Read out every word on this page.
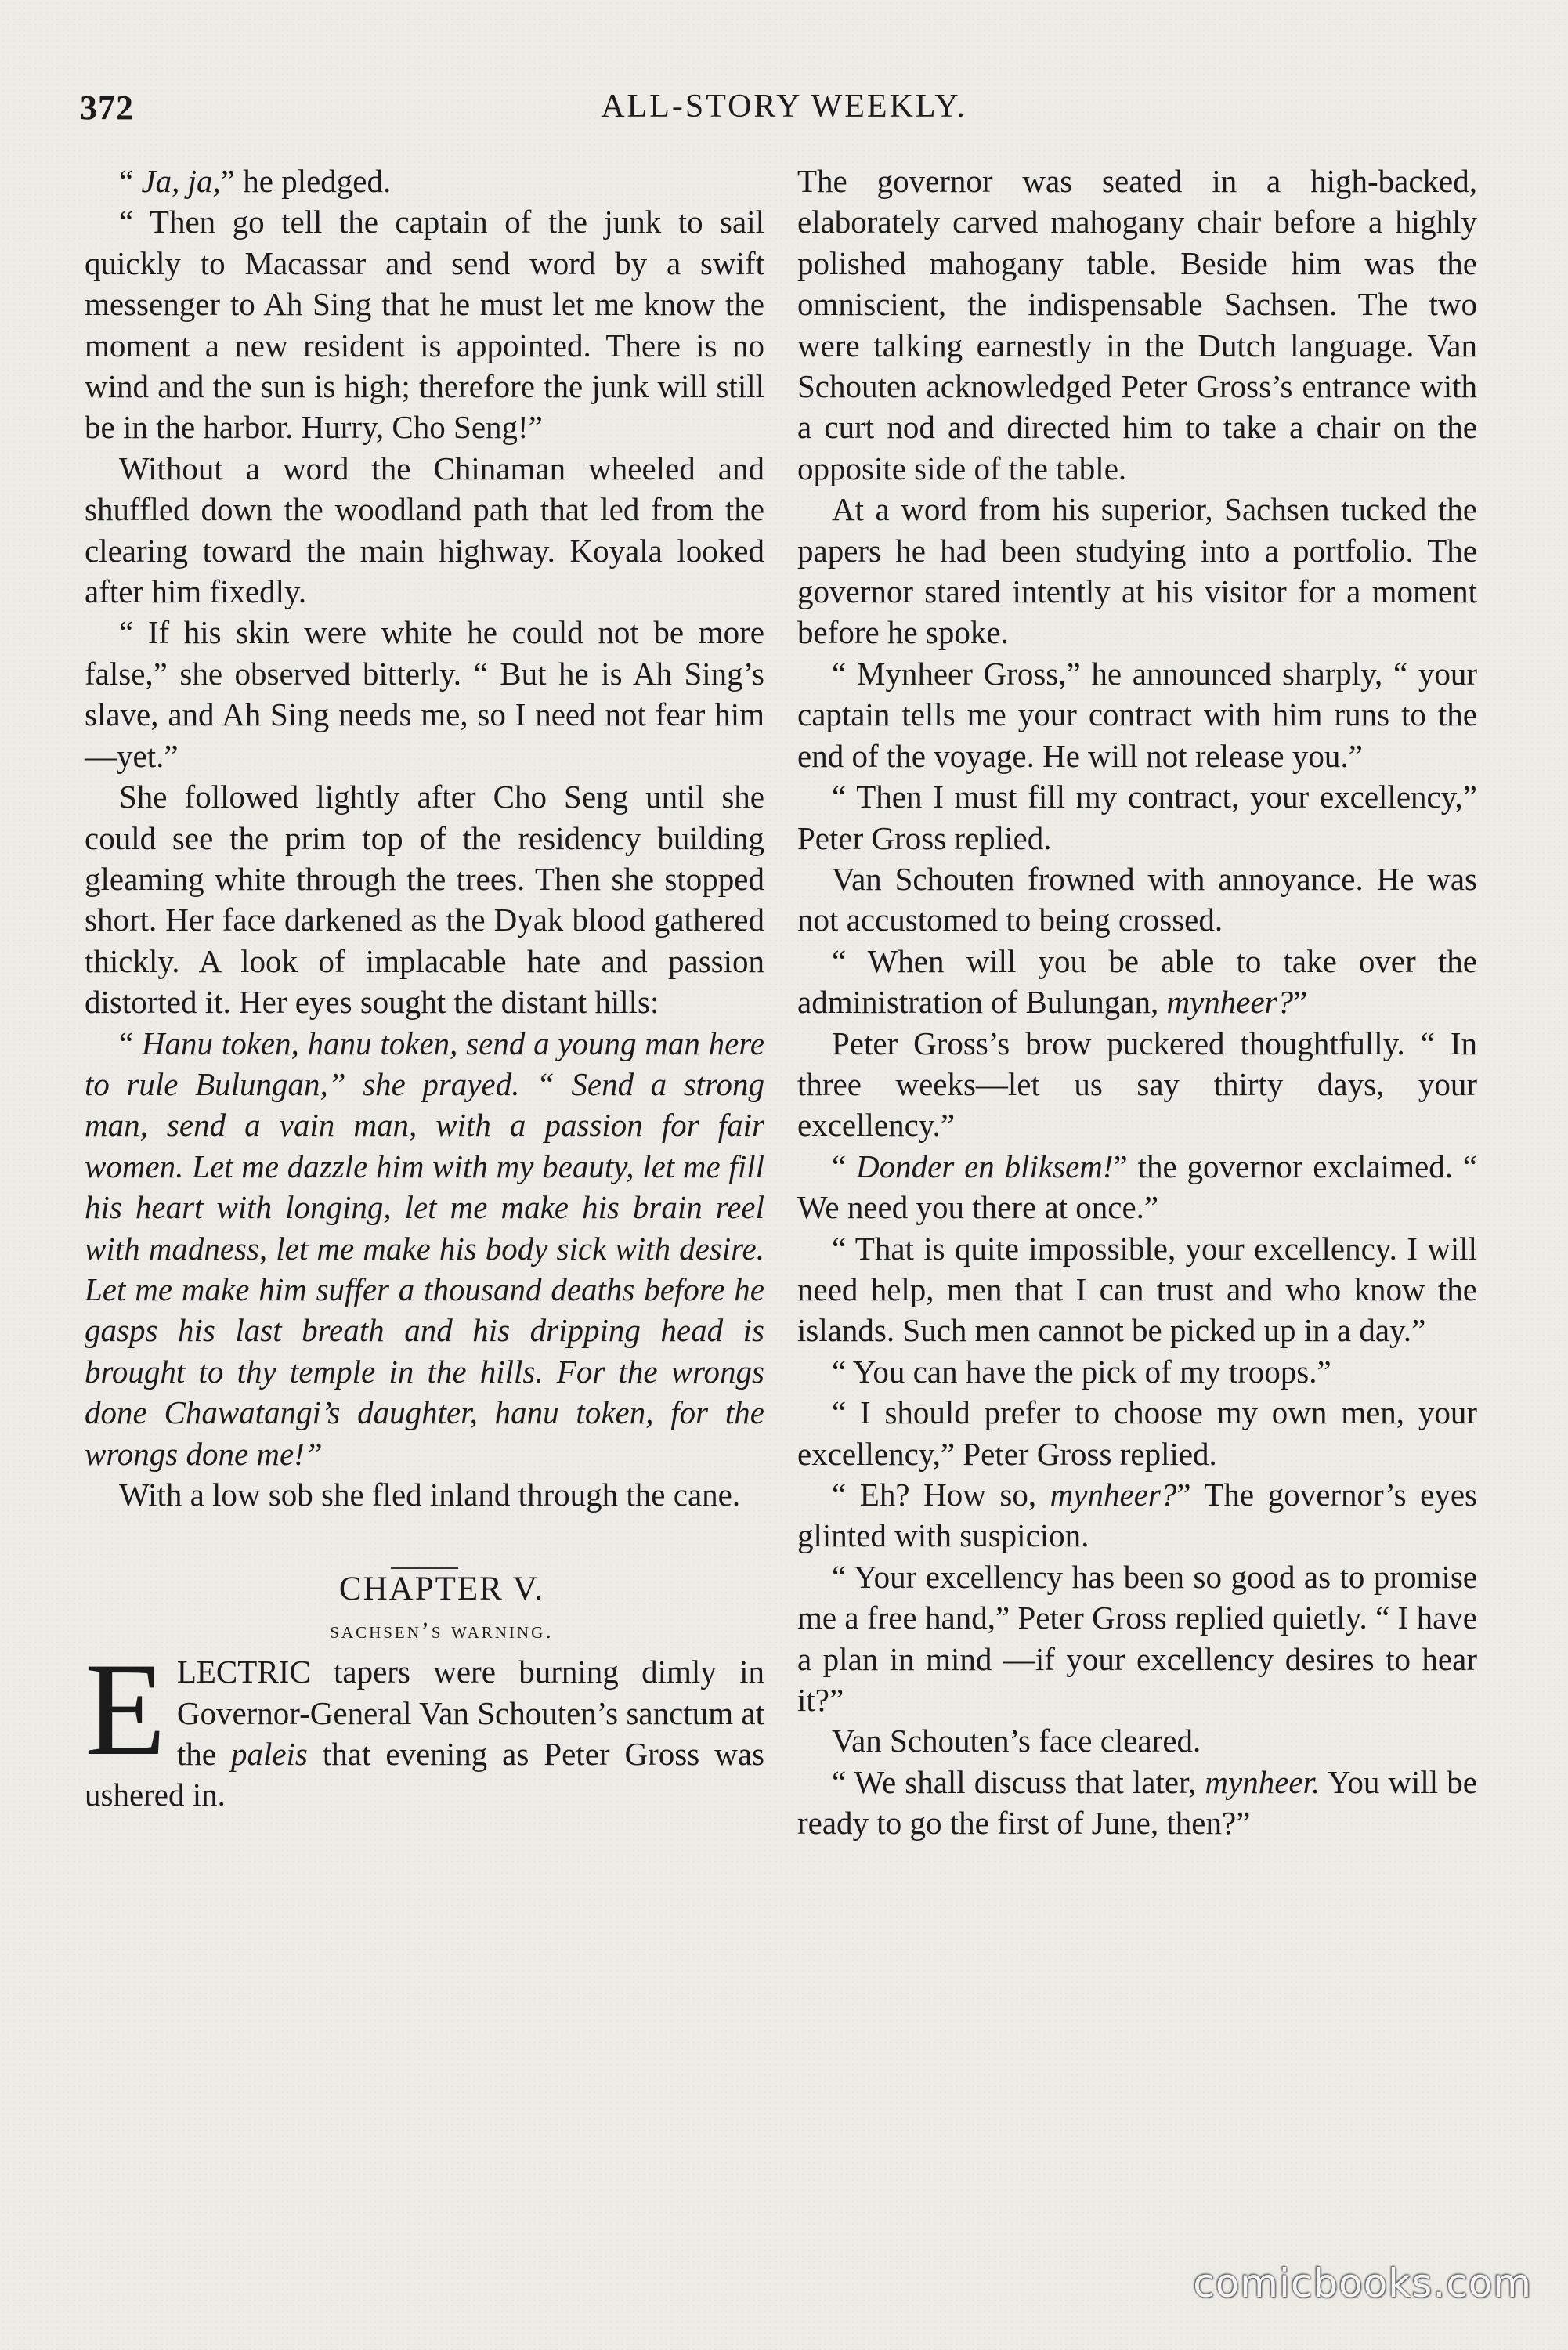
372	ALL-STORY WEEKLY.

“ Ja, ja,” he pledged.

“ Then go tell the captain of the junk to sail quickly to Macassar and send word by a swift messenger to Ah Sing that he must let me know the moment a new resident is appointed. There is no wind and the sun is high; therefore the junk will still be in the harbor. Hurry, Cho Seng!”

Without a word the Chinaman wheeled and shuffled down the woodland path that led from the clearing toward the main highway. Koyala looked after him fixedly.

“ If his skin were white he could not be more false,” she observed bitterly. “ But he is Ah Sing’s slave, and Ah Sing needs me, so I need not fear him—yet.”

She followed lightly after Cho Seng until she could see the prim top of the residency building gleaming white through the trees. Then she stopped short. Her face darkened as the Dyak blood gathered thickly. A look of implacable hate and passion distorted it. Her eyes sought the distant hills:

“ Hanu token, hanu token, send a young man here to rule Bulungan,” she prayed. “ Send a strong man, send a vain man, with a passion for fair women. Let me dazzle him with my beauty, let me fill his heart with longing, let me make his brain reel with madness, let me make his body sick with desire. Let me make him suffer a thousand deaths before he gasps his last breath and his dripping head is brought to thy temple in the hills. For the wrongs done Chawatangi’s daughter, hanu token, for the wrongs done me!”

With a low sob she fled inland through the cane.

CHAPTER V.

sachsen’s warning.

ELECTRIC tapers were burning dimly in Governor-General Van Schouten’s sanctum at the paleis that evening as Peter Gross was ushered in.

The governor was seated in a high-backed, elaborately carved mahogany chair before a highly polished mahogany table. Beside him was the omniscient, the indispensable Sachsen. The two were talking earnestly in the Dutch language. Van Schouten acknowledged Peter Gross’s entrance with a curt nod and directed him to take a chair on the opposite side of the table.

At a word from his superior, Sachsen tucked the papers he had been studying into a portfolio. The governor stared intently at his visitor for a moment before he spoke.

“ Mynheer Gross,” he announced sharply, “ your captain tells me your contract with him runs to the end of the voyage. He will not release you.”

“ Then I must fill my contract, your excellency,” Peter Gross replied.

Van Schouten frowned with annoyance. He was not accustomed to being crossed.

“ When will you be able to take over the administration of Bulungan, mynheer?”

Peter Gross’s brow puckered thoughtfully. “ In three weeks—let us say thirty days, your excellency.”

“ Donder en bliksem!” the governor exclaimed. “ We need you there at once.”

“ That is quite impossible, your excellency. I will need help, men that I can trust and who know the islands. Such men cannot be picked up in a day.”

“ You can have the pick of my troops.”

“ I should prefer to choose my own men, your excellency,” Peter Gross replied.

“ Eh? How so, mynheer?” The governor’s eyes glinted with suspicion.

“ Your excellency has been so good as to promise me a free hand,” Peter Gross replied quietly. “ I have a plan in mind —if your excellency desires to hear it?”

Van Schouten’s face cleared.

“ We shall discuss that later, mynheer. You will be ready to go the first of June, then?”

comicbooks.com
